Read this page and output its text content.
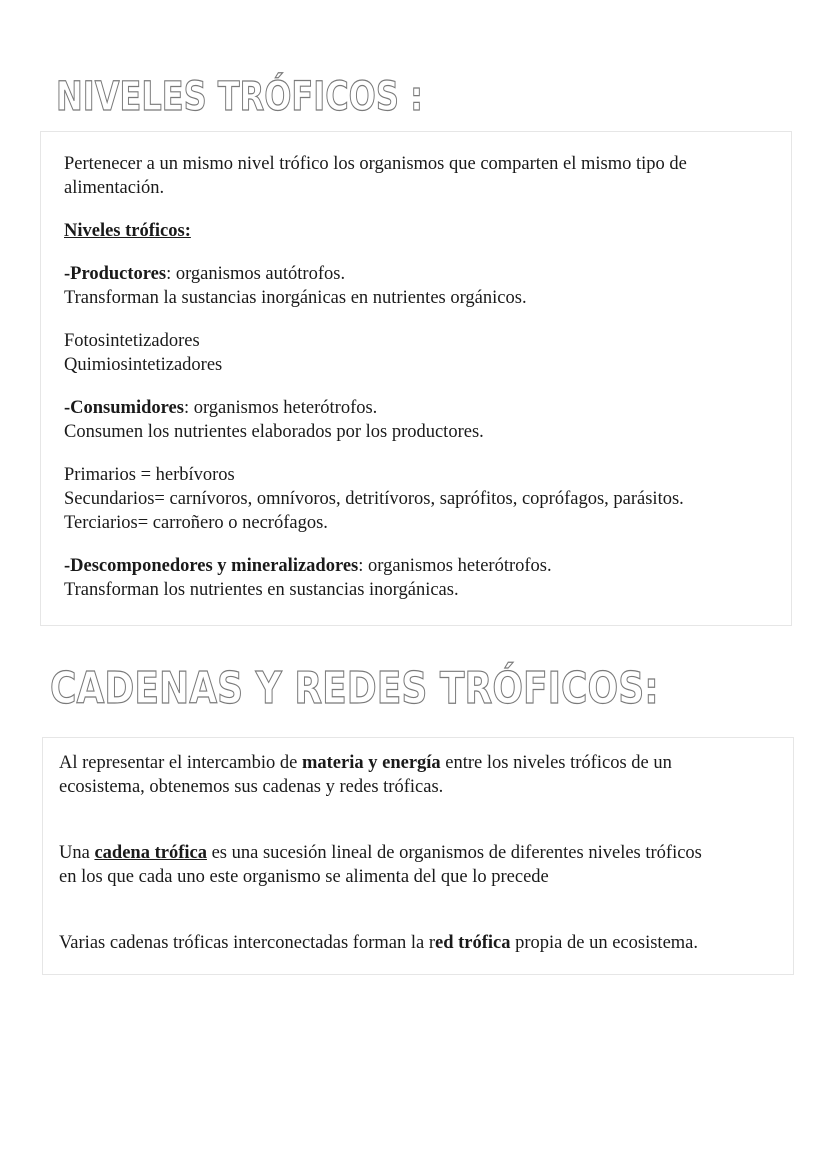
NIVELES TRÓFICOS :

Pertenecer a un mismo nivel trófico los organismos que comparten el mismo tipo de
alimentación.

Niveles tróficos:

-Productores: organismos autótrofos.
Transforman la sustancias inorgánicas en nutrientes orgánicos.

Fotosintetizadores
Quimiosintetizadores

-Consumidores: organismos heterótrofos.
Consumen los nutrientes elaborados por los productores.

Primarios = herbívoros
Secundarios= carnívoros, omnívoros, detritívoros, saprófitos, coprófagos, parásitos.
Terciarios= carroñero o necrófagos.

-Descomponedores y mineralizadores: organismos heterótrofos.
Transforman los nutrientes en sustancias inorgánicas.

CADENAS Y REDES TRÓFICOS:

Al representar el intercambio de materia y energía entre los niveles tróficos de un
ecosistema, obtenemos sus cadenas y redes tróficas.

Una cadena trófica es una sucesión lineal de organismos de diferentes niveles tróficos
en los que cada uno este organismo se alimenta del que lo precede

Varias cadenas tróficas interconectadas forman la red trófica propia de un ecosistema.
